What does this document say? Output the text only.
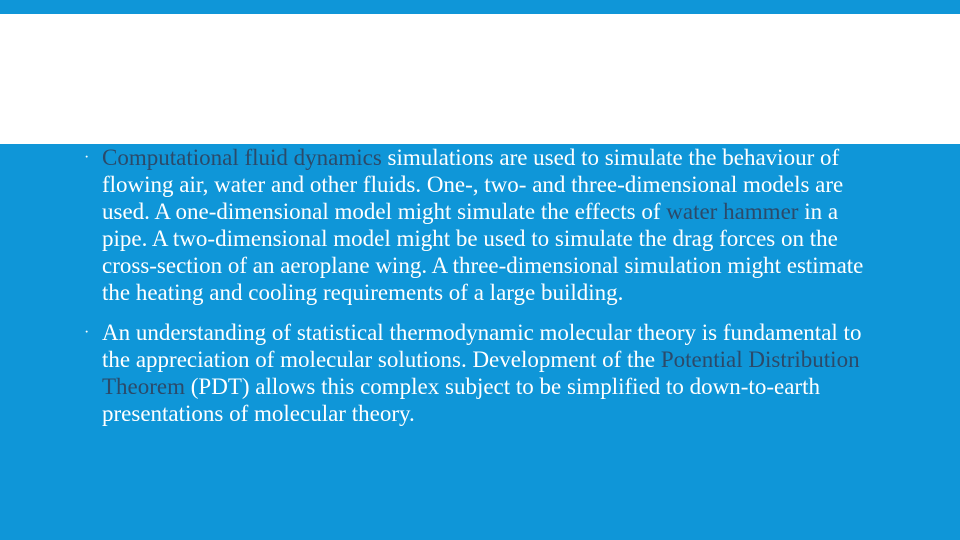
· Computational fluid dynamics simulations are used to simulate the behaviour of flowing air, water and other fluids. One-, two- and three-dimensional models are used. A one-dimensional model might simulate the effects of water hammer in a pipe. A two-dimensional model might be used to simulate the drag forces on the cross-section of an aeroplane wing. A three-dimensional simulation might estimate the heating and cooling requirements of a large building.

· An understanding of statistical thermodynamic molecular theory is fundamental to the appreciation of molecular solutions. Development of the Potential Distribution Theorem (PDT) allows this complex subject to be simplified to down-to-earth presentations of molecular theory.
